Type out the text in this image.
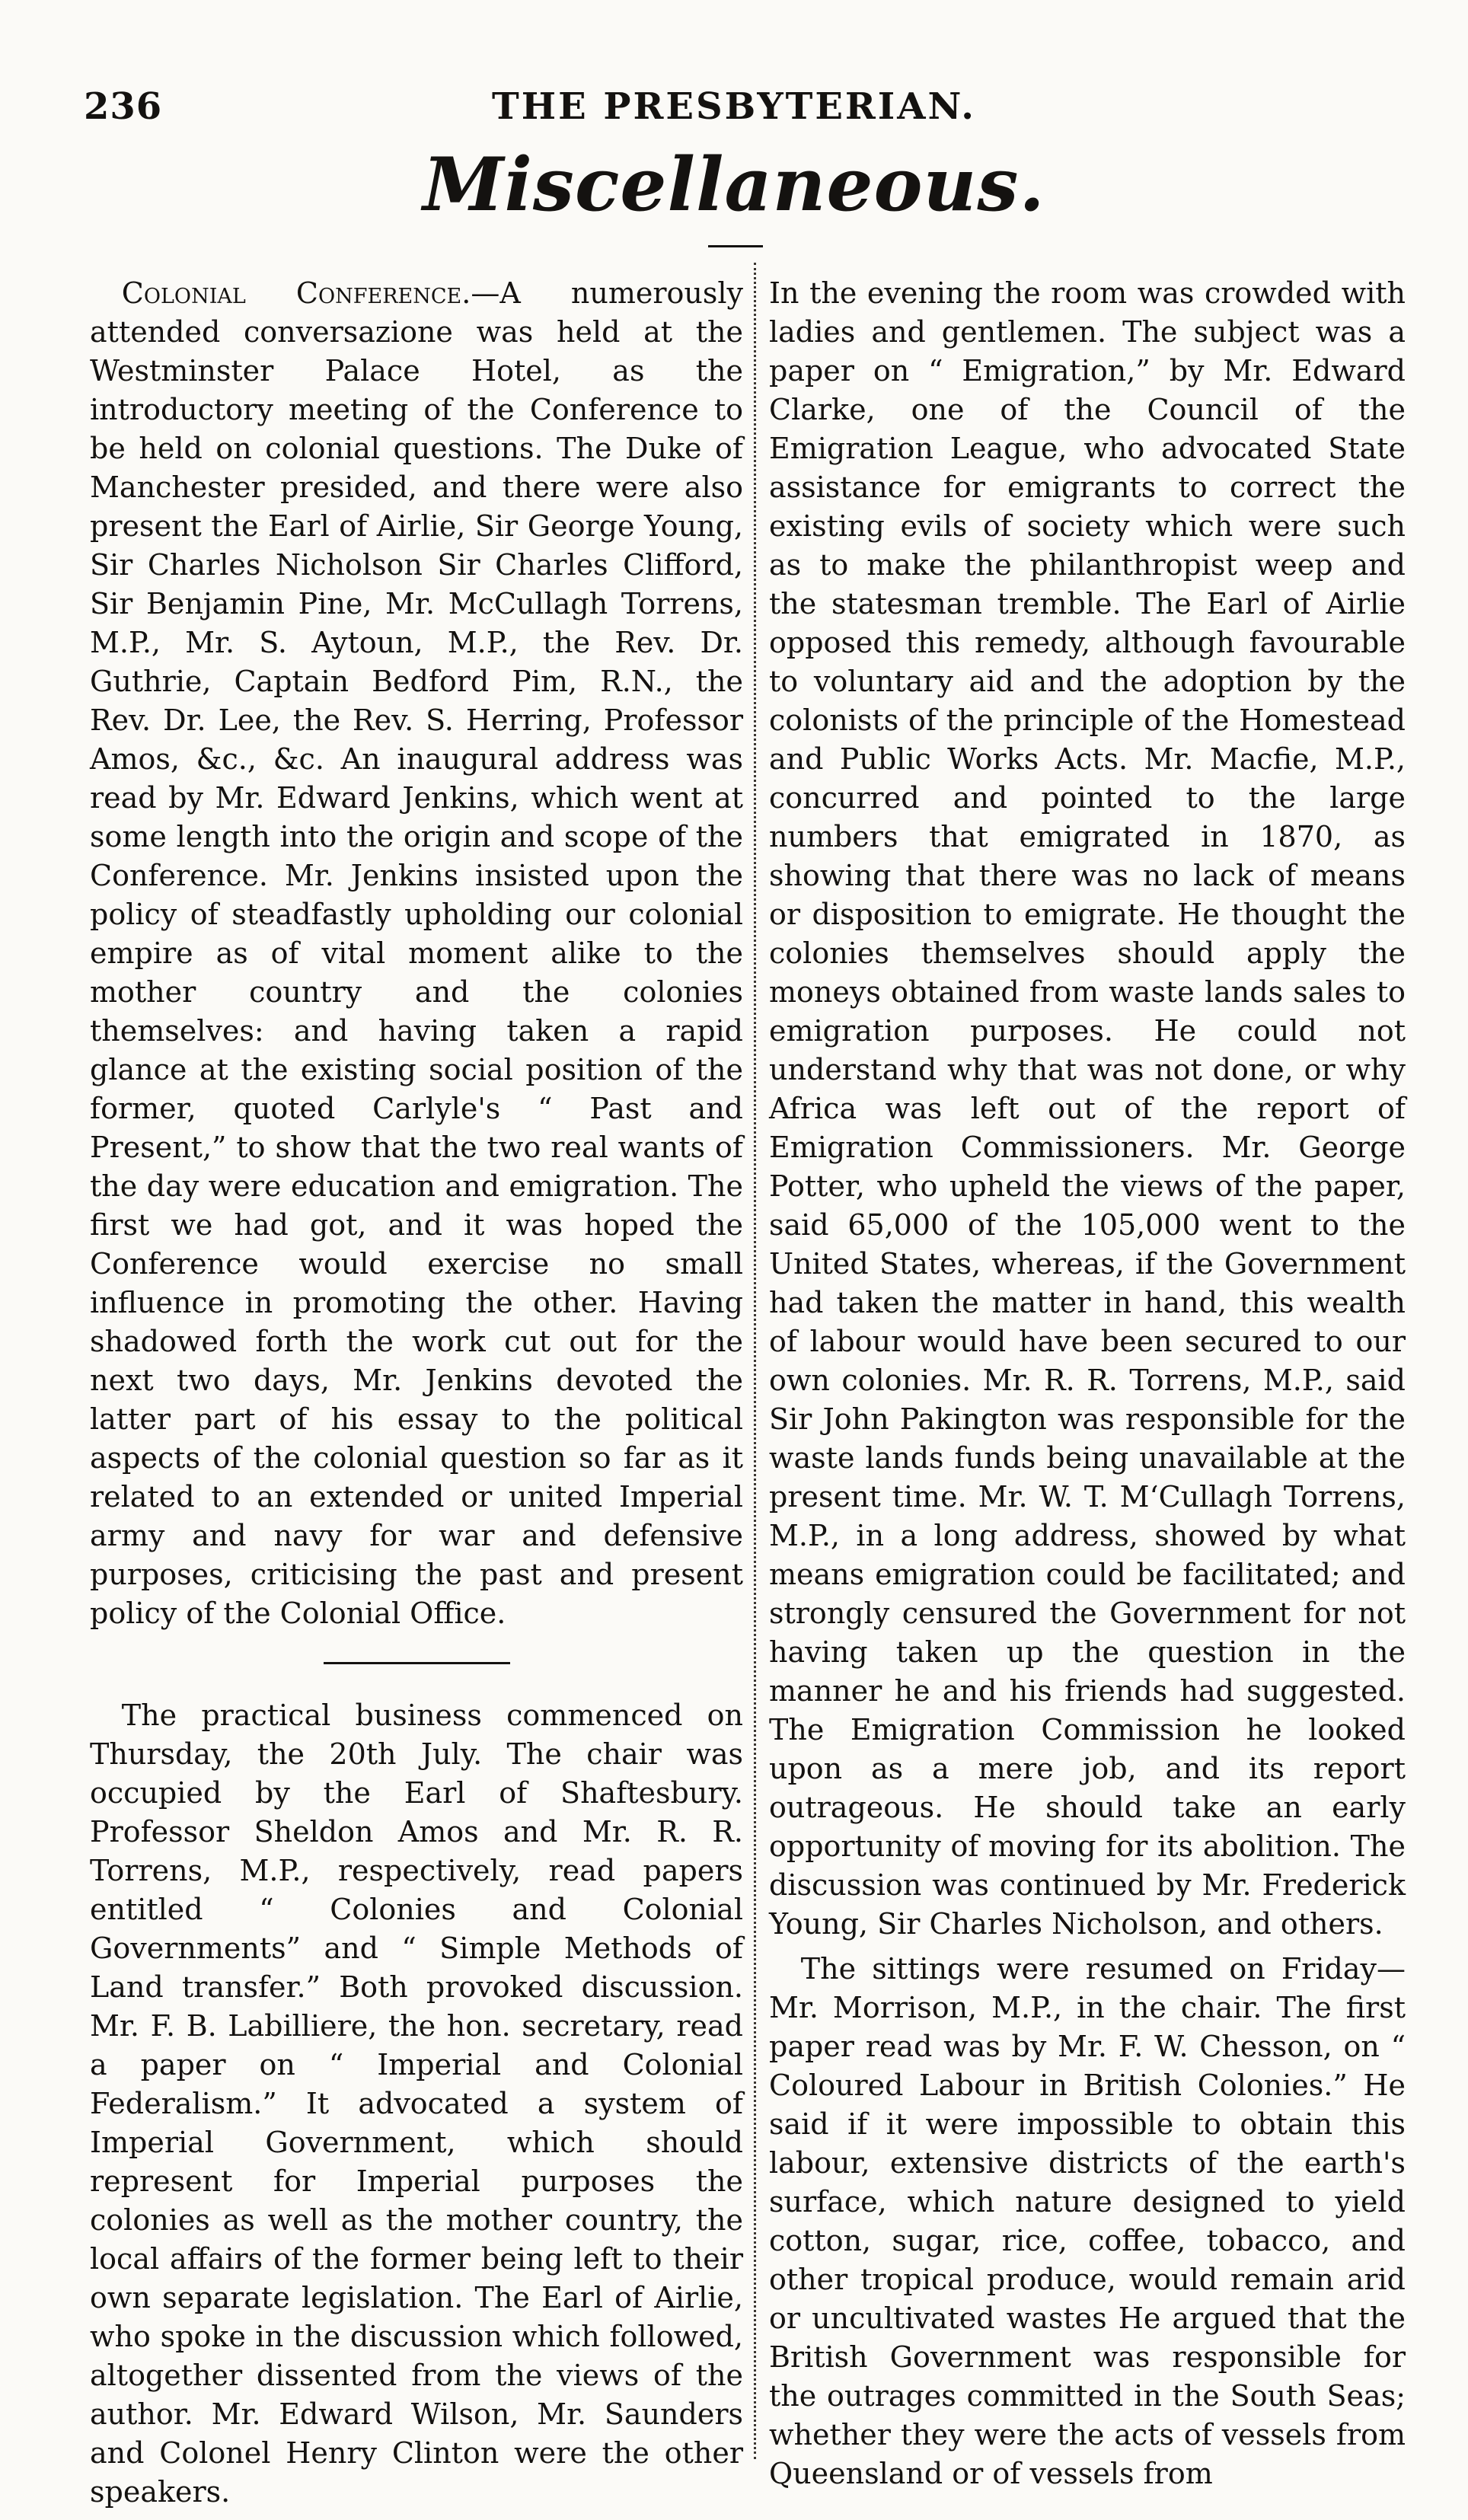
236	THE PRESBYTERIAN.
Miscellaneous.

Colonial Conference.—A numerously attended conversazione was held at the Westminster Palace Hotel, as the introductory meeting of the Conference to be held on colonial questions. The Duke of Manchester presided, and there were also present the Earl of Airlie, Sir George Young, Sir Charles Nicholson Sir Charles Clifford, Sir Benjamin Pine, Mr. McCullagh Torrens, M.P., Mr. S. Aytoun, M.P., the Rev. Dr. Guthrie, Captain Bedford Pim, R.N., the Rev. Dr. Lee, the Rev. S. Herring, Professor Amos, &c., &c. An inaugural address was read by Mr. Edward Jenkins, which went at some length into the origin and scope of the Conference. Mr. Jenkins insisted upon the policy of steadfastly upholding our colonial empire as of vital moment alike to the mother country and the colonies themselves: and having taken a rapid glance at the existing social position of the former, quoted Carlyle's “ Past and Present,” to show that the two real wants of the day were education and emigration. The first we had got, and it was hoped the Conference would exercise no small influence in promoting the other. Having shadowed forth the work cut out for the next two days, Mr. Jenkins devoted the latter part of his essay to the political aspects of the colonial question so far as it related to an extended or united Imperial army and navy for war and defensive purposes, criticising the past and present policy of the Colonial Office.

The practical business commenced on Thursday, the 20th July. The chair was occupied by the Earl of Shaftesbury. Professor Sheldon Amos and Mr. R. R. Torrens, M.P., respectively, read papers entitled “ Colonies and Colonial Governments” and “ Simple Methods of Land transfer.” Both provoked discussion. Mr. F. B. Labilliere, the hon. secretary, read a paper on “ Imperial and Colonial Federalism.” It advocated a system of Imperial Government, which should represent for Imperial purposes the colonies as well as the mother country, the local affairs of the former being left to their own separate legislation. The Earl of Airlie, who spoke in the discussion which followed, altogether dissented from the views of the author. Mr. Edward Wilson, Mr. Saunders and Colonel Henry Clinton were the other speakers.

In the evening the room was crowded with ladies and gentlemen. The subject was a paper on “ Emigration,” by Mr. Edward Clarke, one of the Council of the Emigration League, who advocated State assistance for emigrants to correct the existing evils of society which were such as to make the philanthropist weep and the statesman tremble. The Earl of Airlie opposed this remedy, although favourable to voluntary aid and the adoption by the colonists of the principle of the Homestead and Public Works Acts. Mr. Macfie, M.P., concurred and pointed to the large numbers that emigrated in 1870, as showing that there was no lack of means or disposition to emigrate. He thought the colonies themselves should apply the moneys obtained from waste lands sales to emigration purposes. He could not understand why that was not done, or why Africa was left out of the report of Emigration Commissioners. Mr. George Potter, who upheld the views of the paper, said 65,000 of the 105,000 went to the United States, whereas, if the Government had taken the matter in hand, this wealth of labour would have been secured to our own colonies. Mr. R. R. Torrens, M.P., said Sir John Pakington was responsible for the waste lands funds being unavailable at the present time. Mr. W. T. M‘Cullagh Torrens, M.P., in a long address, showed by what means emigration could be facilitated; and strongly censured the Government for not having taken up the question in the manner he and his friends had suggested. The Emigration Commission he looked upon as a mere job, and its report outrageous. He should take an early opportunity of moving for its abolition. The discussion was continued by Mr. Frederick Young, Sir Charles Nicholson, and others.

The sittings were resumed on Friday—Mr. Morrison, M.P., in the chair. The first paper read was by Mr. F. W. Chesson, on “ Coloured Labour in British Colonies.” He said if it were impossible to obtain this labour, extensive districts of the earth's surface, which nature designed to yield cotton, sugar, rice, coffee, tobacco, and other tropical produce, would remain arid or uncultivated wastes He argued that the British Government was responsible for the outrages committed in the South Seas; whether they were the acts of vessels from Queensland or of vessels from
